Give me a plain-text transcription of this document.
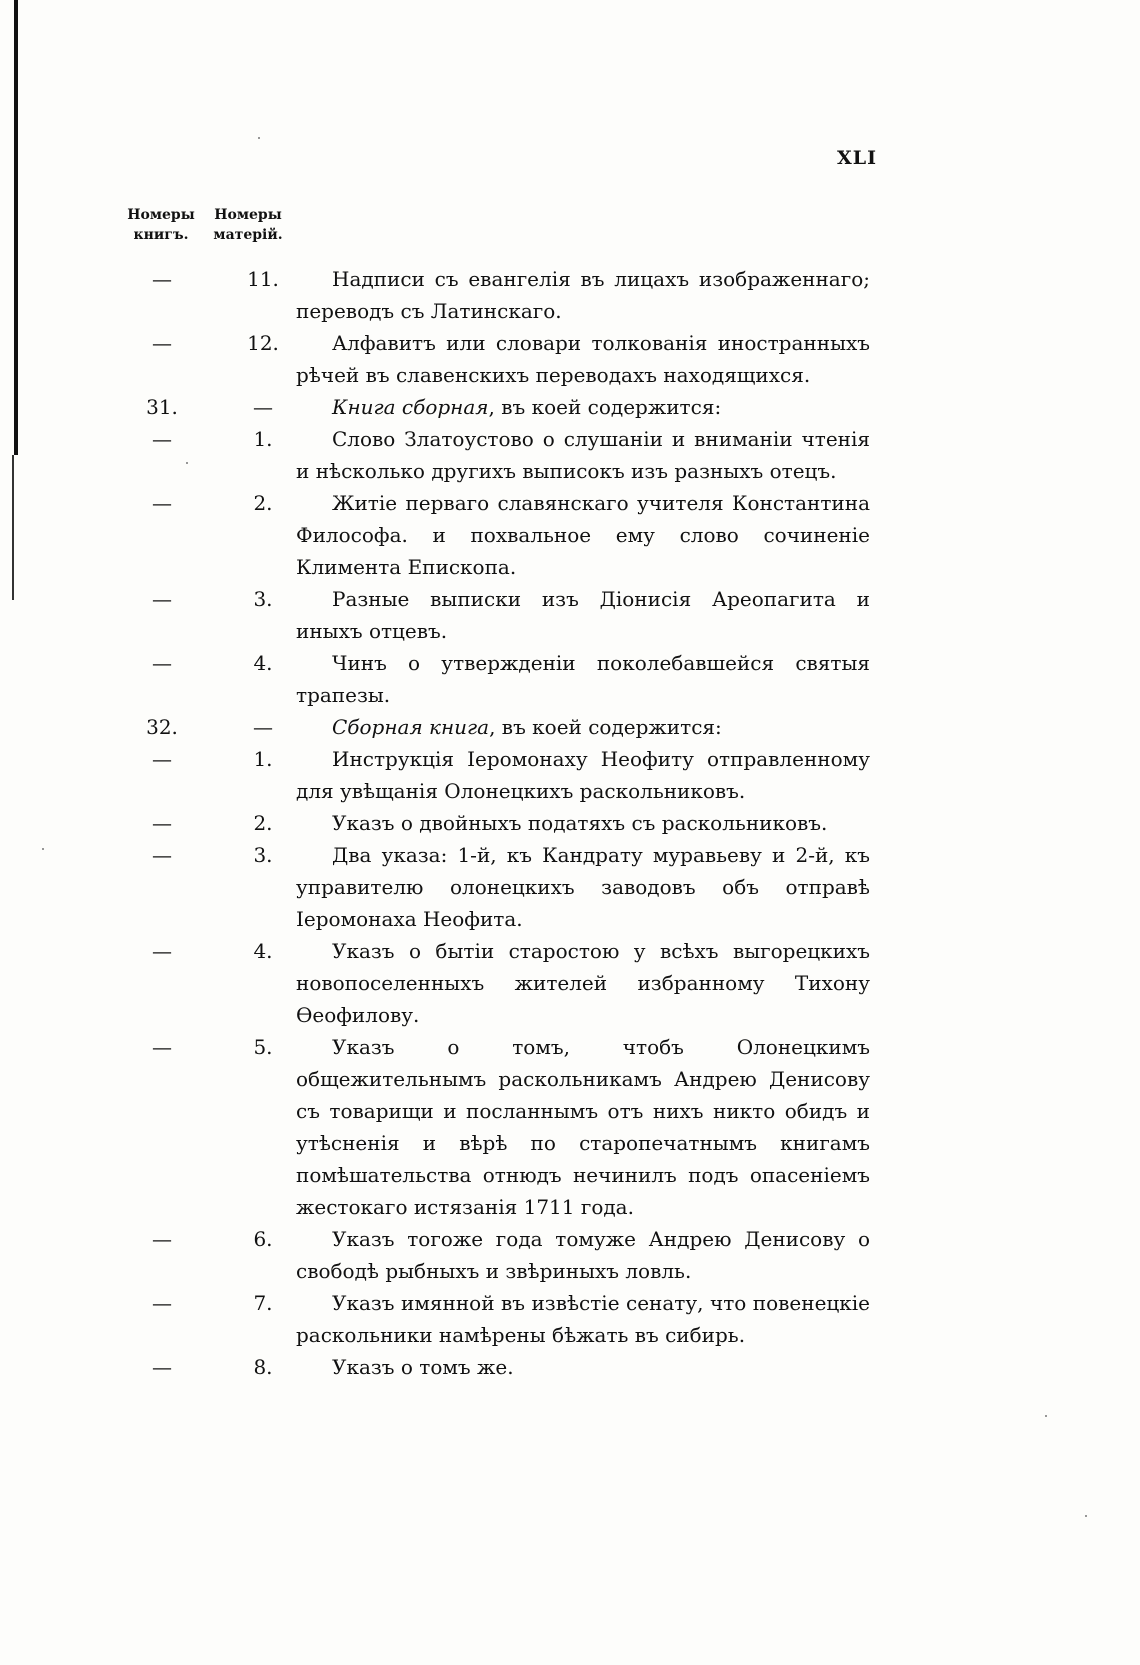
XLI
Номеры
книгъ.
Номеры
матерій.
—	11.	Надписи съ евангелія въ лицахъ изображеннаго; переводъ съ Латинскаго.
—	12.	Алфавитъ или словари толкованія иностранныхъ рѣчей въ славенскихъ переводахъ находящихся.
31.	—	Книга сборная, въ коей содержится:
—	1.	Слово Златоустово о слушаніи и вниманіи чтенія и нѣсколько другихъ выписокъ изъ разныхъ отецъ.
—	2.	Житіе перваго славянскаго учителя Константина Философа. и похвальное ему слово сочиненіе Климента Епископа.
—	3.	Разные выписки изъ Діонисія Ареопагита и иныхъ отцевъ.
—	4.	Чинъ о утвержденіи поколебавшейся святыя трапезы.
32.	—	Сборная книга, въ коей содержится:
—	1.	Инструкція Іеромонаху Неофиту отправленному для увѣщанія Олонецкихъ раскольниковъ.
—	2.	Указъ о двойныхъ податяхъ съ раскольниковъ.
—	3.	Два указа: 1-й, къ Кандрату муравьеву и 2-й, къ управителю олонецкихъ заводовъ объ отправѣ Іеромонаха Неофита.
—	4.	Указъ о бытіи старостою у всѣхъ выгорецкихъ новопоселенныхъ жителей избранному Тихону Ѳеофилову.
—	5.	Указъ о томъ, чтобъ Олонецкимъ общежительнымъ раскольникамъ Андрею Денисову съ товарищи и посланнымъ отъ нихъ никто обидъ и утѣсненія и вѣрѣ по старопечатнымъ книгамъ помѣшательства отнюдъ нечинилъ подъ опасеніемъ жестокаго истязанія 1711 года.
—	6.	Указъ тогоже года томуже Андрею Денисову о свободѣ рыбныхъ и звѣриныхъ ловль.
—	7.	Указъ имянной въ извѣстіе сенату, что повенецкіе раскольники намѣрены бѣжать въ сибирь.
—	8.	Указъ о томъ же.
